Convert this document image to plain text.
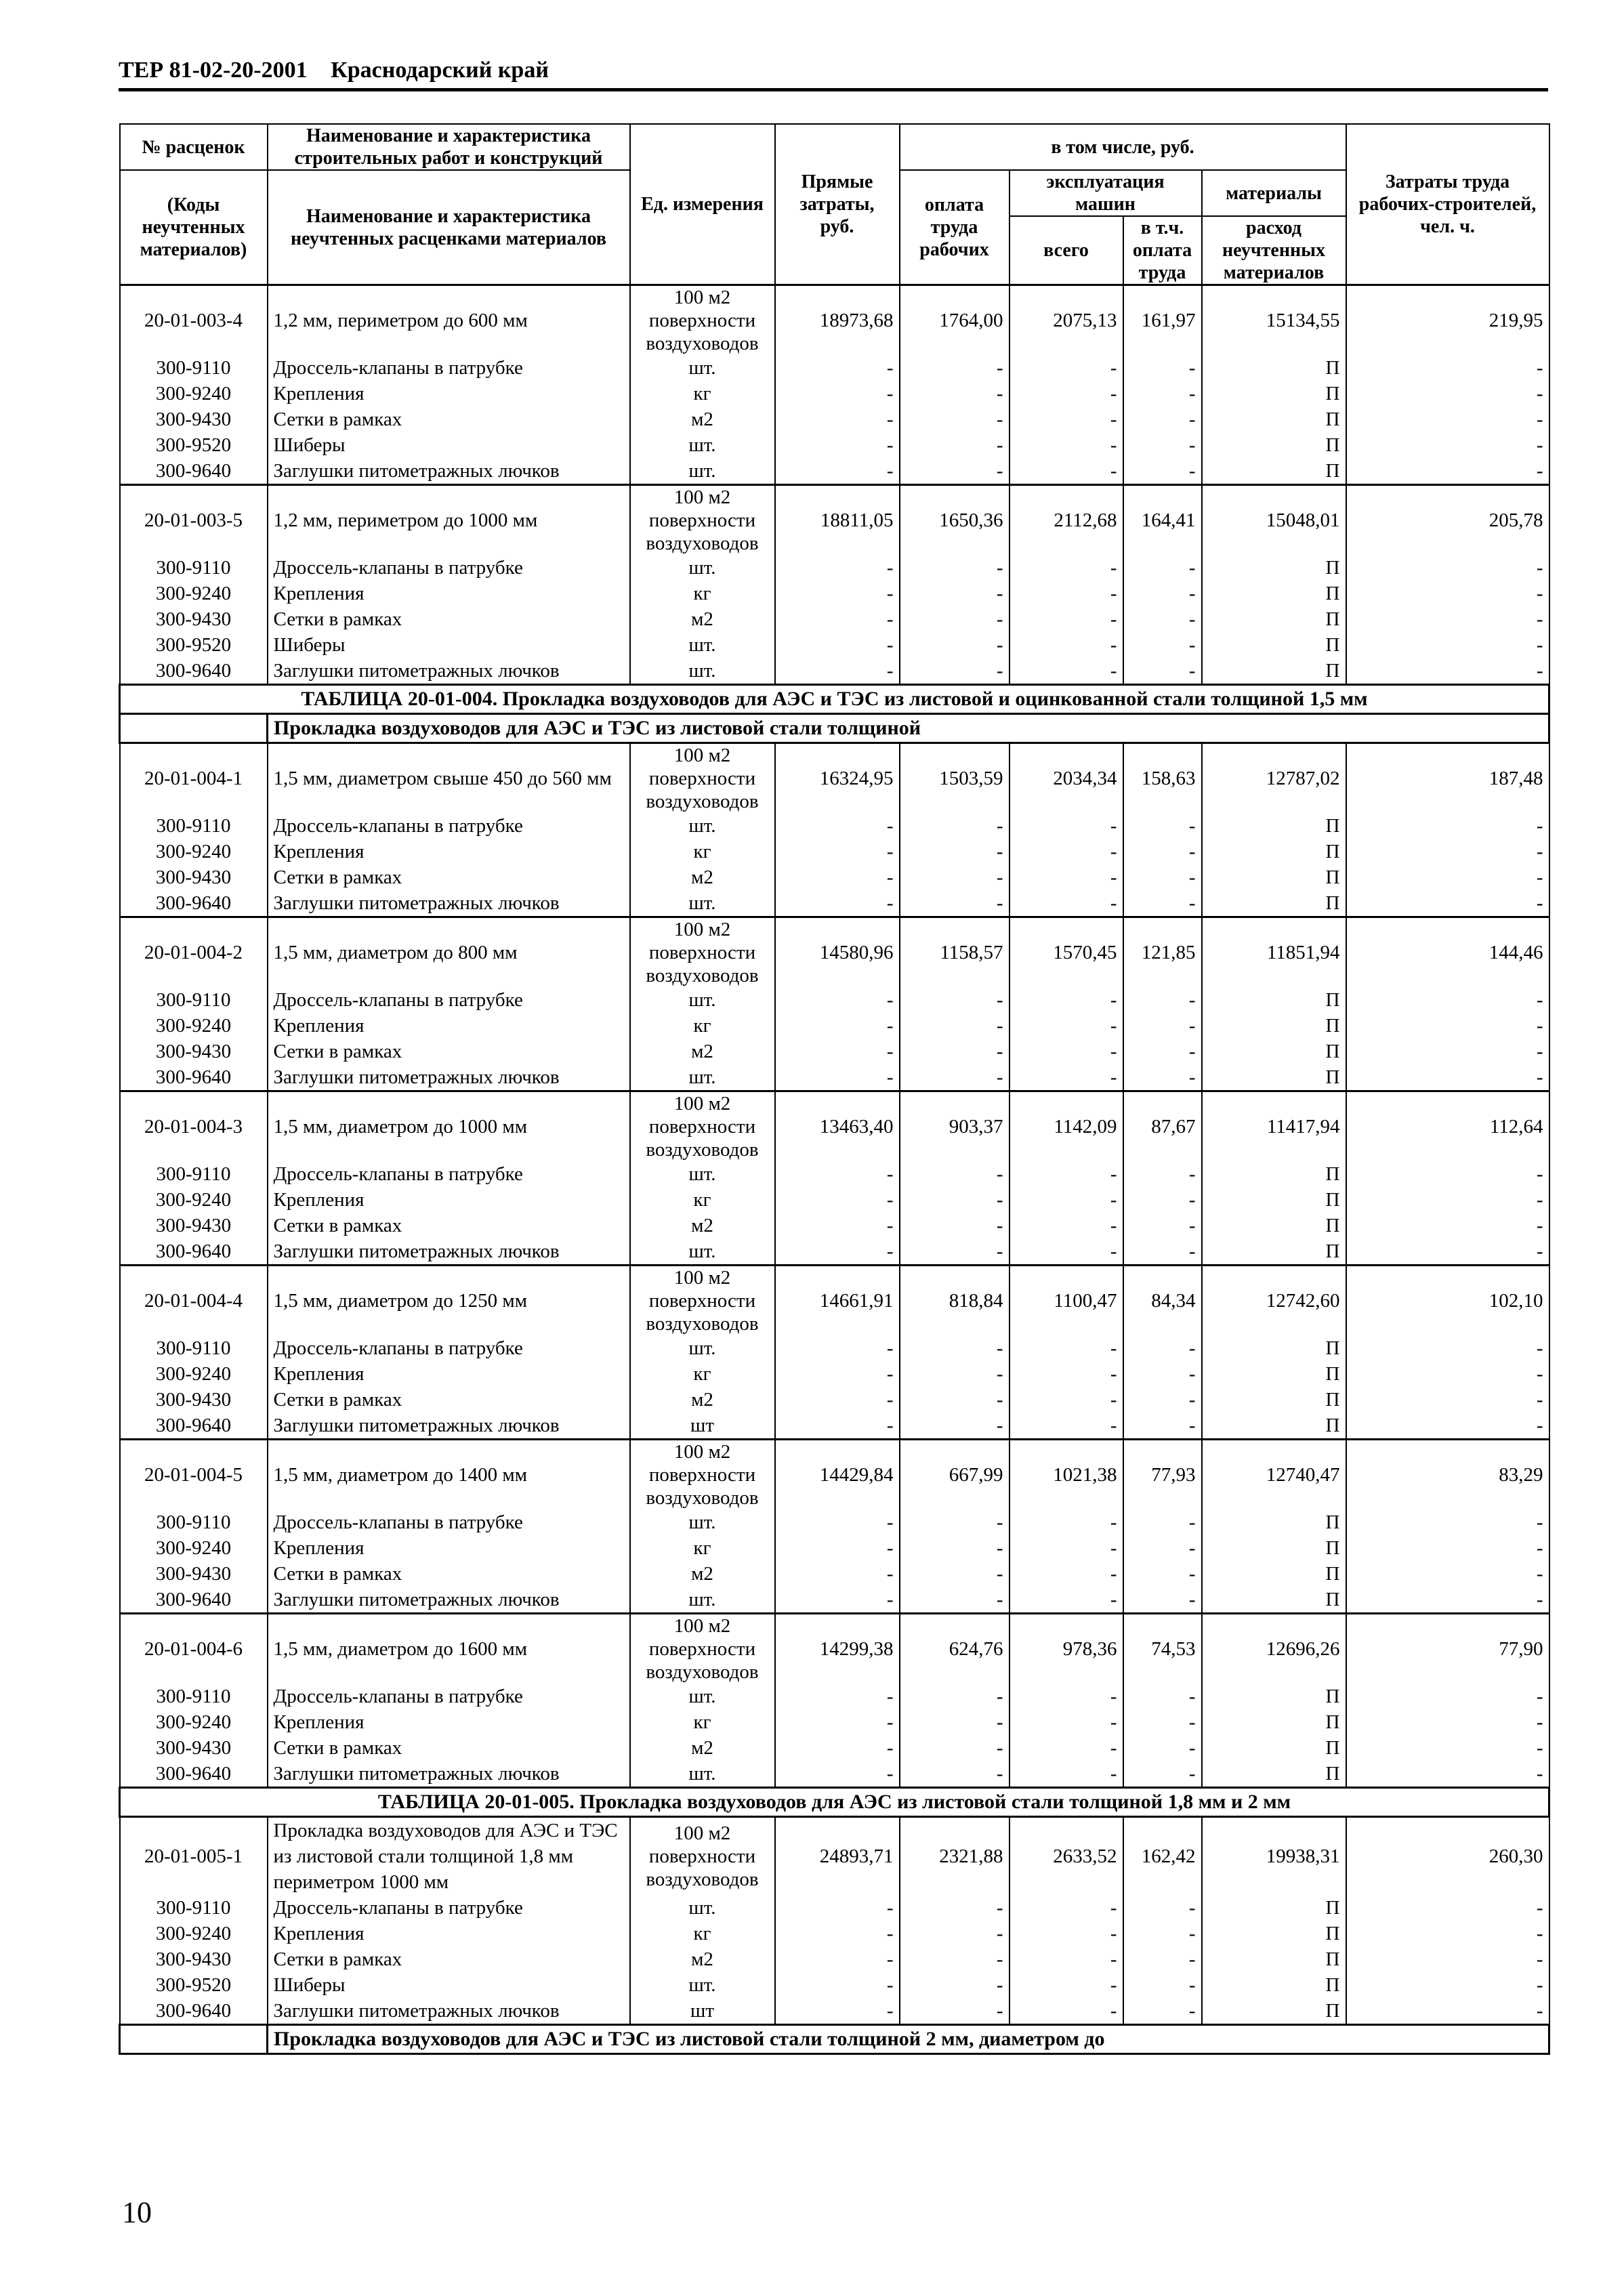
ТЕР 81-02-20-2001 Краснодарский край
№ расценок	Наименование и характеристика строительных работ и конструкций	Ед. измерения	Прямые затраты, руб.	в том числе, руб.				Затраты труда рабочих-строителей, чел. ч.
(Коды неучтенных материалов)	Наименование и характеристика неучтенных расценками материалов			оплата труда рабочих	эксплуатация машин		материалы	
					всего	в т.ч. оплата труда	расход неучтенных материалов	

20-01-003-4	1,2 мм, периметром до 600 мм	100 м2 поверхности воздуховодов	18973,68	1764,00	2075,13	161,97	15134,55	219,95
300-9110	Дроссель-клапаны в патрубке	шт.	-	-	-	-	П	-
300-9240	Крепления	кг	-	-	-	-	П	-
300-9430	Сетки в рамках	м2	-	-	-	-	П	-
300-9520	Шиберы	шт.	-	-	-	-	П	-
300-9640	Заглушки питометражных лючков	шт.	-	-	-	-	П	-
20-01-003-5	1,2 мм, периметром до 1000 мм	100 м2 поверхности воздуховодов	18811,05	1650,36	2112,68	164,41	15048,01	205,78
300-9110	Дроссель-клапаны в патрубке	шт.	-	-	-	-	П	-
300-9240	Крепления	кг	-	-	-	-	П	-
300-9430	Сетки в рамках	м2	-	-	-	-	П	-
300-9520	Шиберы	шт.	-	-	-	-	П	-
300-9640	Заглушки питометражных лючков	шт.	-	-	-	-	П	-
ТАБЛИЦА 20-01-004. Прокладка воздуховодов для АЭС и ТЭС из листовой и оцинкованной стали толщиной 1,5 мм								
	Прокладка воздуховодов для АЭС и ТЭС из листовой стали толщиной							
20-01-004-1	1,5 мм, диаметром свыше 450 до 560 мм	100 м2 поверхности воздуховодов	16324,95	1503,59	2034,34	158,63	12787,02	187,48
300-9110	Дроссель-клапаны в патрубке	шт.	-	-	-	-	П	-
300-9240	Крепления	кг	-	-	-	-	П	-
300-9430	Сетки в рамках	м2	-	-	-	-	П	-
300-9640	Заглушки питометражных лючков	шт.	-	-	-	-	П	-
20-01-004-2	1,5 мм, диаметром до 800 мм	100 м2 поверхности воздуховодов	14580,96	1158,57	1570,45	121,85	11851,94	144,46
300-9110	Дроссель-клапаны в патрубке	шт.	-	-	-	-	П	-
300-9240	Крепления	кг	-	-	-	-	П	-
300-9430	Сетки в рамках	м2	-	-	-	-	П	-
300-9640	Заглушки питометражных лючков	шт.	-	-	-	-	П	-
20-01-004-3	1,5 мм, диаметром до 1000 мм	100 м2 поверхности воздуховодов	13463,40	903,37	1142,09	87,67	11417,94	112,64
300-9110	Дроссель-клапаны в патрубке	шт.	-	-	-	-	П	-
300-9240	Крепления	кг	-	-	-	-	П	-
300-9430	Сетки в рамках	м2	-	-	-	-	П	-
300-9640	Заглушки питометражных лючков	шт.	-	-	-	-	П	-
20-01-004-4	1,5 мм, диаметром до 1250 мм	100 м2 поверхности воздуховодов	14661,91	818,84	1100,47	84,34	12742,60	102,10
300-9110	Дроссель-клапаны в патрубке	шт.	-	-	-	-	П	-
300-9240	Крепления	кг	-	-	-	-	П	-
300-9430	Сетки в рамках	м2	-	-	-	-	П	-
300-9640	Заглушки питометражных лючков	шт	-	-	-	-	П	-
20-01-004-5	1,5 мм, диаметром до 1400 мм	100 м2 поверхности воздуховодов	14429,84	667,99	1021,38	77,93	12740,47	83,29
300-9110	Дроссель-клапаны в патрубке	шт.	-	-	-	-	П	-
300-9240	Крепления	кг	-	-	-	-	П	-
300-9430	Сетки в рамках	м2	-	-	-	-	П	-
300-9640	Заглушки питометражных лючков	шт.	-	-	-	-	П	-
20-01-004-6	1,5 мм, диаметром до 1600 мм	100 м2 поверхности воздуховодов	14299,38	624,76	978,36	74,53	12696,26	77,90
300-9110	Дроссель-клапаны в патрубке	шт.	-	-	-	-	П	-
300-9240	Крепления	кг	-	-	-	-	П	-
300-9430	Сетки в рамках	м2	-	-	-	-	П	-
300-9640	Заглушки питометражных лючков	шт.	-	-	-	-	П	-
ТАБЛИЦА 20-01-005. Прокладка воздуховодов для АЭС из листовой стали толщиной 1,8 мм и 2 мм								
20-01-005-1	Прокладка воздуховодов для АЭС и ТЭС из листовой стали толщиной 1,8 мм периметром 1000 мм	100 м2 поверхности воздуховодов	24893,71	2321,88	2633,52	162,42	19938,31	260,30
300-9110	Дроссель-клапаны в патрубке	шт.	-	-	-	-	П	-
300-9240	Крепления	кг	-	-	-	-	П	-
300-9430	Сетки в рамках	м2	-	-	-	-	П	-
300-9520	Шиберы	шт.	-	-	-	-	П	-
300-9640	Заглушки питометражных лючков	шт	-	-	-	-	П	-
	Прокладка воздуховодов для АЭС и ТЭС из листовой стали толщиной 2 мм, диаметром до							
10
